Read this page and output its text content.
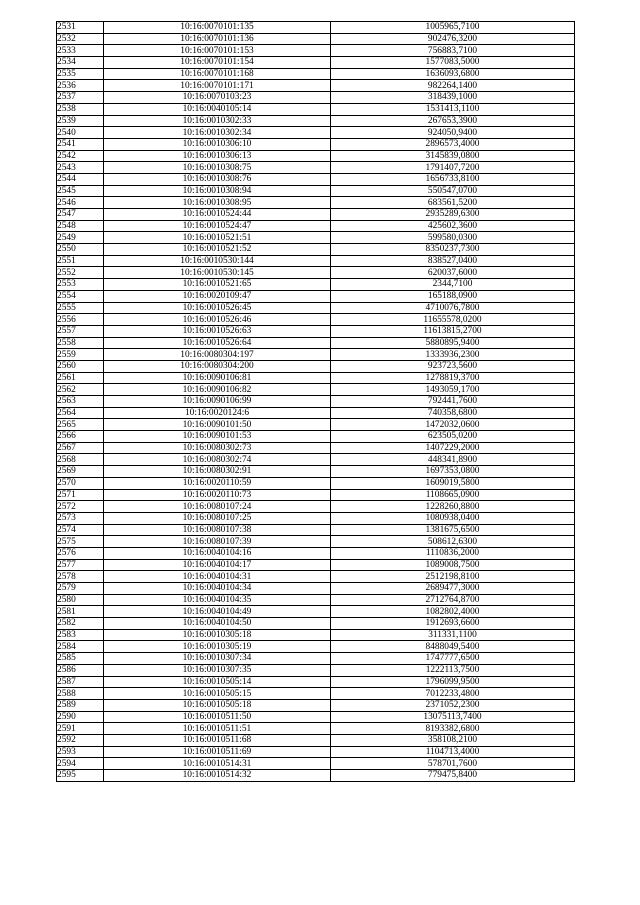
2531	10:16:0070101:135	1005965,7100
2532	10:16:0070101:136	902476,3200
2533	10:16:0070101:153	756883,7100
2534	10:16:0070101:154	1577083,5000
2535	10:16:0070101:168	1636093,6800
2536	10:16:0070101:171	982264,1400
2537	10:16:0070103:23	318439,1000
2538	10:16:0040105:14	1531413,1100
2539	10:16:0010302:33	267653,3900
2540	10:16:0010302:34	924050,9400
2541	10:16:0010306:10	2896573,4000
2542	10:16:0010306:13	3145839,0800
2543	10:16:0010308:75	1791407,7200
2544	10:16:0010308:76	1656733,8100
2545	10:16:0010308:94	550547,0700
2546	10:16:0010308:95	683561,5200
2547	10:16:0010524:44	2935289,6300
2548	10:16:0010524:47	425602,3600
2549	10:16:0010521:51	599580,0300
2550	10:16:0010521:52	8350237,7300
2551	10:16:0010530:144	838527,0400
2552	10:16:0010530:145	620037,6000
2553	10:16:0010521:65	2344,7100
2554	10:16:0020109:47	165188,0900
2555	10:16:0010526:45	4710076,7800
2556	10:16:0010526:46	11655578,0200
2557	10:16:0010526:63	11613815,2700
2558	10:16:0010526:64	5880895,9400
2559	10:16:0080304:197	1333936,2300
2560	10:16:0080304:200	923723,5600
2561	10:16:0090106:81	1278819,3700
2562	10:16:0090106:82	1493059,1700
2563	10:16:0090106:99	792441,7600
2564	10:16:0020124:6	740358,6800
2565	10:16:0090101:50	1472032,0600
2566	10:16:0090101:53	623505,0200
2567	10:16:0080302:73	1407229,2000
2568	10:16:0080302:74	448341,8900
2569	10:16:0080302:91	1697353,0800
2570	10:16:0020110:59	1609019,5800
2571	10:16:0020110:73	1108665,0900
2572	10:16:0080107:24	1228260,8800
2573	10:16:0080107:25	1080938,0400
2574	10:16:0080107:38	1381675,6500
2575	10:16:0080107:39	508612,6300
2576	10:16:0040104:16	1110836,2000
2577	10:16:0040104:17	1089008,7500
2578	10:16:0040104:31	2512198,8100
2579	10:16:0040104:34	2689477,3000
2580	10:16:0040104:35	2712764,8700
2581	10:16:0040104:49	1082802,4000
2582	10:16:0040104:50	1912693,6600
2583	10:16:0010305:18	311331,1100
2584	10:16:0010305:19	8488049,5400
2585	10:16:0010307:34	1747777,6500
2586	10:16:0010307:35	1222113,7500
2587	10:16:0010505:14	1796099,9500
2588	10:16:0010505:15	7012233,4800
2589	10:16:0010505:18	2371052,2300
2590	10:16:0010511:50	13075113,7400
2591	10:16:0010511:51	8193382,6800
2592	10:16:0010511:68	358108,2100
2593	10:16:0010511:69	1104713,4000
2594	10:16:0010514:31	578701,7600
2595	10:16:0010514:32	779475,8400
